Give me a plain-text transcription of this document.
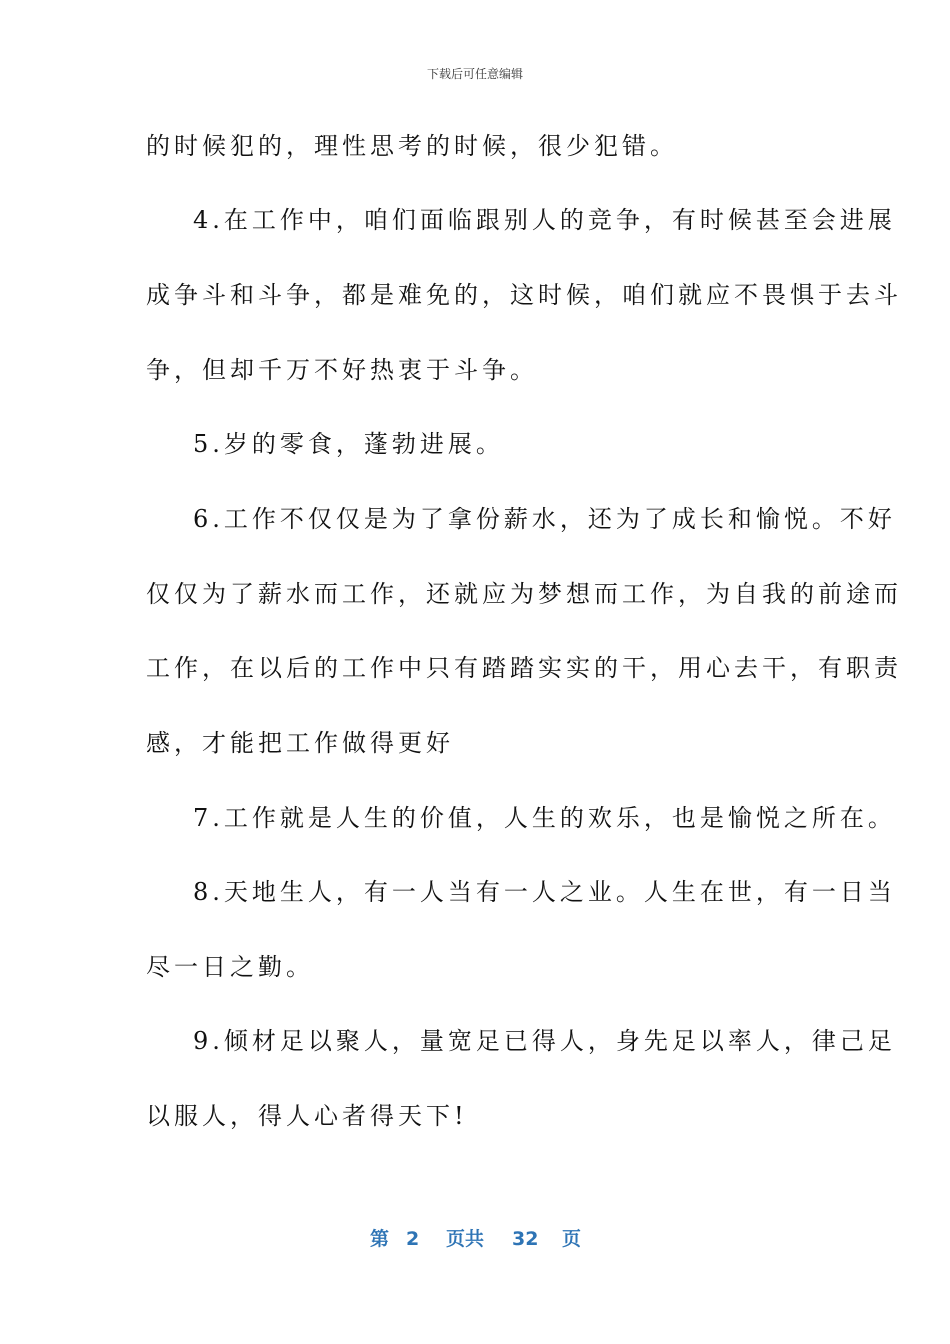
下载后可任意编辑
的时候犯的，理性思考的时候，很少犯错。
4.在工作中，咱们面临跟别人的竞争，有时候甚至会进展
成争斗和斗争，都是难免的，这时候，咱们就应不畏惧于去斗
争，但却千万不好热衷于斗争。
5.岁的零食，蓬勃进展。
6.工作不仅仅是为了拿份薪水，还为了成长和愉悦。不好
仅仅为了薪水而工作，还就应为梦想而工作，为自我的前途而
工作，在以后的工作中只有踏踏实实的干，用心去干，有职责
感，才能把工作做得更好
7.工作就是人生的价值，人生的欢乐，也是愉悦之所在。
8.天地生人，有一人当有一人之业。人生在世，有一日当
尽一日之勤。
9.倾材足以聚人，量宽足已得人，身先足以率人，律己足
以服人，得人心者得天下!
第 2 页共 32 页
